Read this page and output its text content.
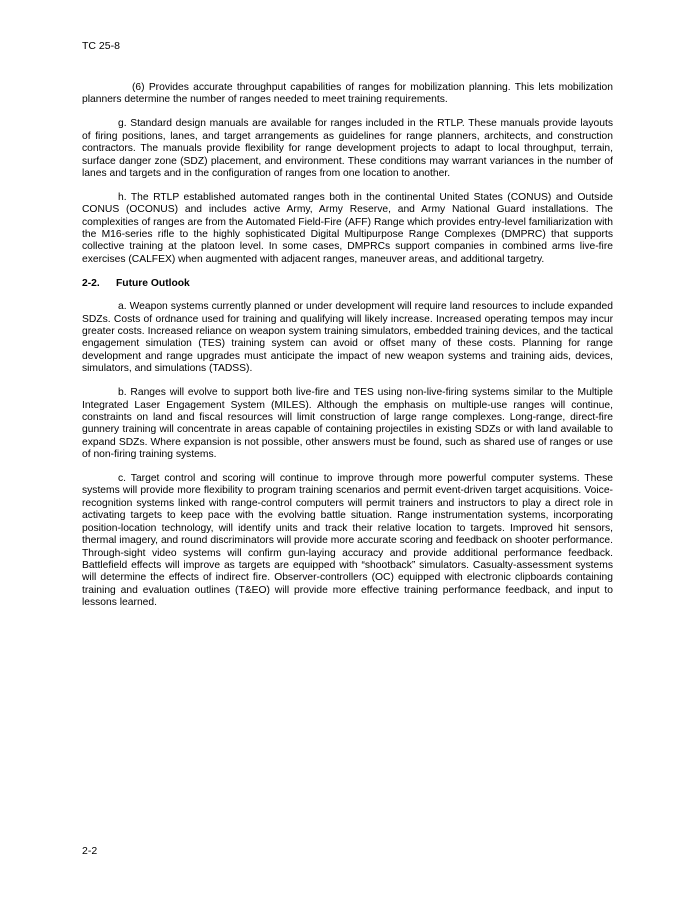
TC 25-8

(6) Provides accurate throughput capabilities of ranges for mobilization planning. This lets mobilization planners determine the number of ranges needed to meet training requirements.

g. Standard design manuals are available for ranges included in the RTLP. These manuals provide layouts of firing positions, lanes, and target arrangements as guidelines for range planners, architects, and construction contractors. The manuals provide flexibility for range development projects to adapt to local throughput, terrain, surface danger zone (SDZ) placement, and environment. These conditions may warrant variances in the number of lanes and targets and in the configuration of ranges from one location to another.

h. The RTLP established automated ranges both in the continental United States (CONUS) and Outside CONUS (OCONUS) and includes active Army, Army Reserve, and Army National Guard installations. The complexities of ranges are from the Automated Field-Fire (AFF) Range which provides entry-level familiarization with the M16-series rifle to the highly sophisticated Digital Multipurpose Range Complexes (DMPRC) that supports collective training at the platoon level. In some cases, DMPRCs support companies in combined arms live-fire exercises (CALFEX) when augmented with adjacent ranges, maneuver areas, and additional targetry.

2-2. Future Outlook

a. Weapon systems currently planned or under development will require land resources to include expanded SDZs. Costs of ordnance used for training and qualifying will likely increase. Increased operating tempos may incur greater costs. Increased reliance on weapon system training simulators, embedded training devices, and the tactical engagement simulation (TES) training system can avoid or offset many of these costs. Planning for range development and range upgrades must anticipate the impact of new weapon systems and training aids, devices, simulators, and simulations (TADSS).

b. Ranges will evolve to support both live-fire and TES using non-live-firing systems similar to the Multiple Integrated Laser Engagement System (MILES). Although the emphasis on multiple-use ranges will continue, constraints on land and fiscal resources will limit construction of large range complexes. Long-range, direct-fire gunnery training will concentrate in areas capable of containing projectiles in existing SDZs or with land available to expand SDZs. Where expansion is not possible, other answers must be found, such as shared use of ranges or use of non-firing training systems.

c. Target control and scoring will continue to improve through more powerful computer systems. These systems will provide more flexibility to program training scenarios and permit event-driven target acquisitions. Voice-recognition systems linked with range-control computers will permit trainers and instructors to play a direct role in activating targets to keep pace with the evolving battle situation. Range instrumentation systems, incorporating position-location technology, will identify units and track their relative location to targets. Improved hit sensors, thermal imagery, and round discriminators will provide more accurate scoring and feedback on shooter performance. Through-sight video systems will confirm gun-laying accuracy and provide additional performance feedback. Battlefield effects will improve as targets are equipped with “shootback” simulators. Casualty-assessment systems will determine the effects of indirect fire. Observer-controllers (OC) equipped with electronic clipboards containing training and evaluation outlines (T&EO) will provide more effective training performance feedback, and input to lessons learned.

2-2
